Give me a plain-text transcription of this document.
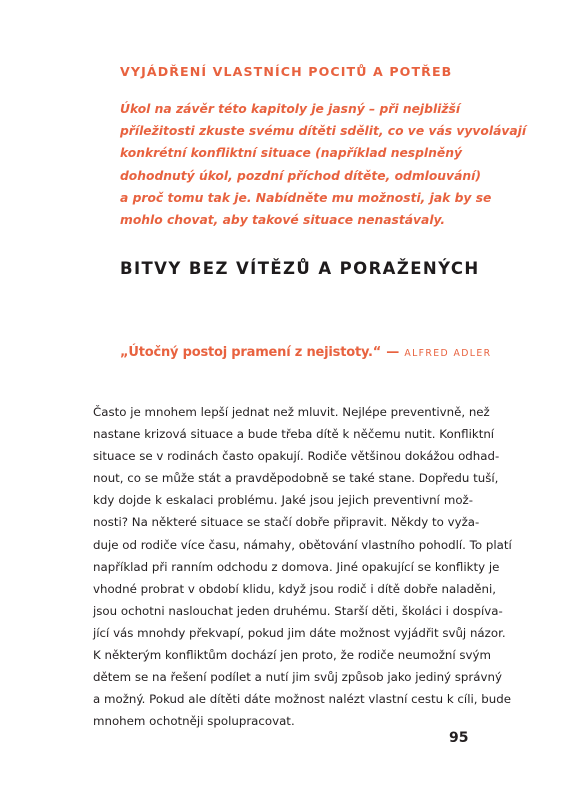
VYJÁDŘENÍ VLASTNÍCH POCITŮ A POTŘEB

Úkol na závěr této kapitoly je jasný – při nejbližší
příležitosti zkuste svému dítěti sdělit, co ve vás vyvolávají
konkrétní konfliktní situace (například nesplněný
dohodnutý úkol, pozdní příchod dítěte, odmlouvání)
a proč tomu tak je. Nabídněte mu možnosti, jak by se
mohlo chovat, aby takové situace nenastávaly.

BITVY BEZ VÍTĚZŮ A PORAŽENÝCH

„Útočný postoj pramení z nejistoty.“ — ALFRED ADLER

Často je mnohem lepší jednat než mluvit. Nejlépe preventivně, než
nastane krizová situace a bude třeba dítě k něčemu nutit. Konfliktní
situace se v rodinách často opakují. Rodiče většinou dokážou odhad-
nout, co se může stát a pravděpodobně se také stane. Dopředu tuší,
kdy dojde k eskalaci problému. Jaké jsou jejich preventivní mož-
nosti? Na některé situace se stačí dobře připravit. Někdy to vyža-
duje od rodiče více času, námahy, obětování vlastního pohodlí. To platí
například při ranním odchodu z domova. Jiné opakující se konflikty je
vhodné probrat v období klidu, když jsou rodič i dítě dobře naladěni,
jsou ochotni naslouchat jeden druhému. Starší děti, školáci i dospíva-
jící vás mnohdy překvapí, pokud jim dáte možnost vyjádřit svůj názor.
K některým konfliktům dochází jen proto, že rodiče neumožní svým
dětem se na řešení podílet a nutí jim svůj způsob jako jediný správný
a možný. Pokud ale dítěti dáte možnost nalézt vlastní cestu k cíli, bude
mnohem ochotněji spolupracovat.

95
